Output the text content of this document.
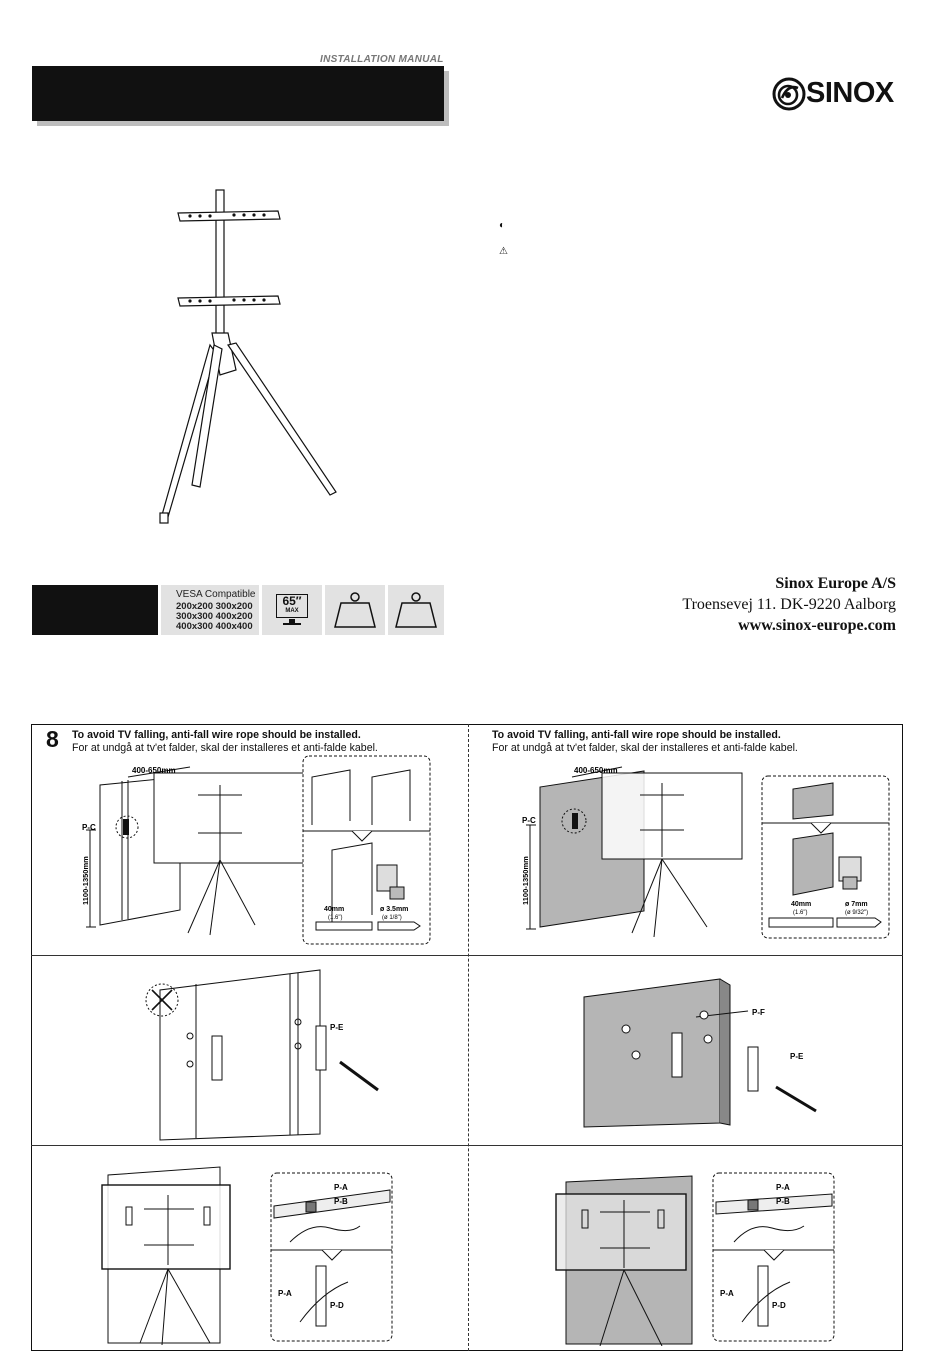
INSTALLATION MANUAL
SINOX
◐
⚠
VESA Compatible
200x200 300x200
300x300 400x200
400x300 400x400
65″
MAX
Sinox Europe A/S
Troensevej 11. DK-9220 Aalborg
www.sinox-europe.com
8 To avoid TV falling, anti-fall wire rope should be installed.
For at undgå at tv'et falder, skal der installeres et anti-falde kabel.
To avoid TV falling, anti-fall wire rope should be installed.
For at undgå at tv'et falder, skal der installeres et anti-falde kabel.
400-650mm
P-C
1100-1350mm
40mm
(1.6")
ø 3.5mm
(ø 1/8")
400-650mm
P-C
1100-1350mm	40mm
(1.6")
ø 7mm
(ø 9/32")
P-E
P-F
P-E
P-A
P-B
P-A
P-D
P-A
P-B
P-A
P-D
